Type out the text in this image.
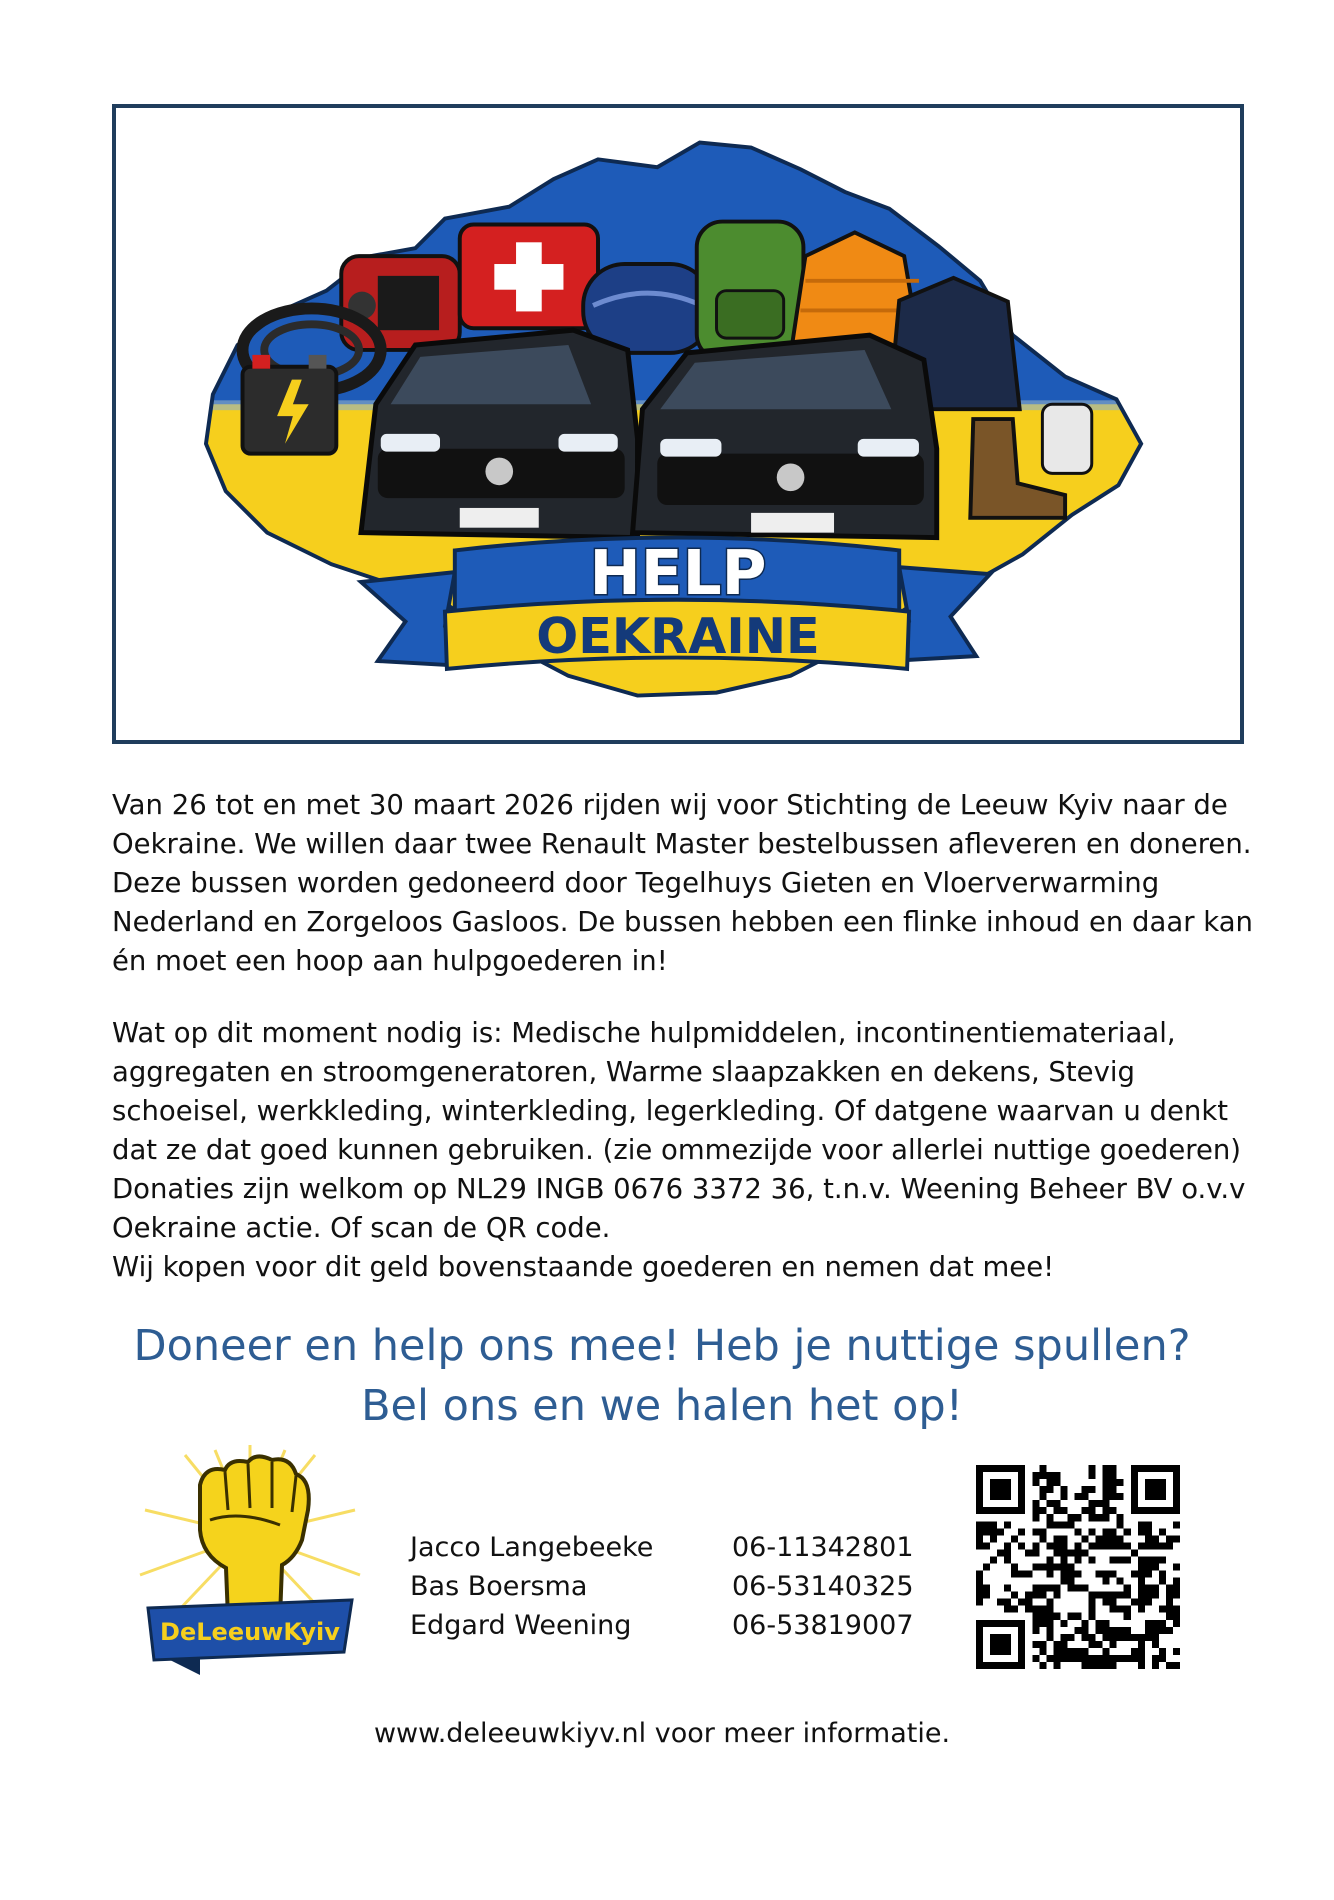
HELP
OEKRAINE
Van 26 tot en met 30 maart 2026 rijden wij voor Stichting de Leeuw Kyiv naar de
Oekraine. We willen daar twee Renault Master bestelbussen afleveren en doneren.
Deze bussen worden gedoneerd door Tegelhuys Gieten en Vloerverwarming
Nederland en Zorgeloos Gasloos. De bussen hebben een flinke inhoud en daar kan
én moet een hoop aan hulpgoederen in!
Wat op dit moment nodig is: Medische hulpmiddelen, incontinentiemateriaal,
aggregaten en stroomgeneratoren, Warme slaapzakken en dekens, Stevig
schoeisel, werkkleding, winterkleding, legerkleding. Of datgene waarvan u denkt
dat ze dat goed kunnen gebruiken. (zie ommezijde voor allerlei nuttige goederen)
Donaties zijn welkom op NL29 INGB 0676 3372 36, t.n.v. Weening Beheer BV o.v.v
Oekraine actie. Of scan de QR code.
Wij kopen voor dit geld bovenstaande goederen en nemen dat mee!
Doneer en help ons mee! Heb je nuttige spullen?
Bel ons en we halen het op!
DeLeeuwKyiv
Jacco Langebeeke	06-11342801
Bas Boersma	06-53140325
Edgard Weening	06-53819007
www.deleeuwkiyv.nl voor meer informatie.
